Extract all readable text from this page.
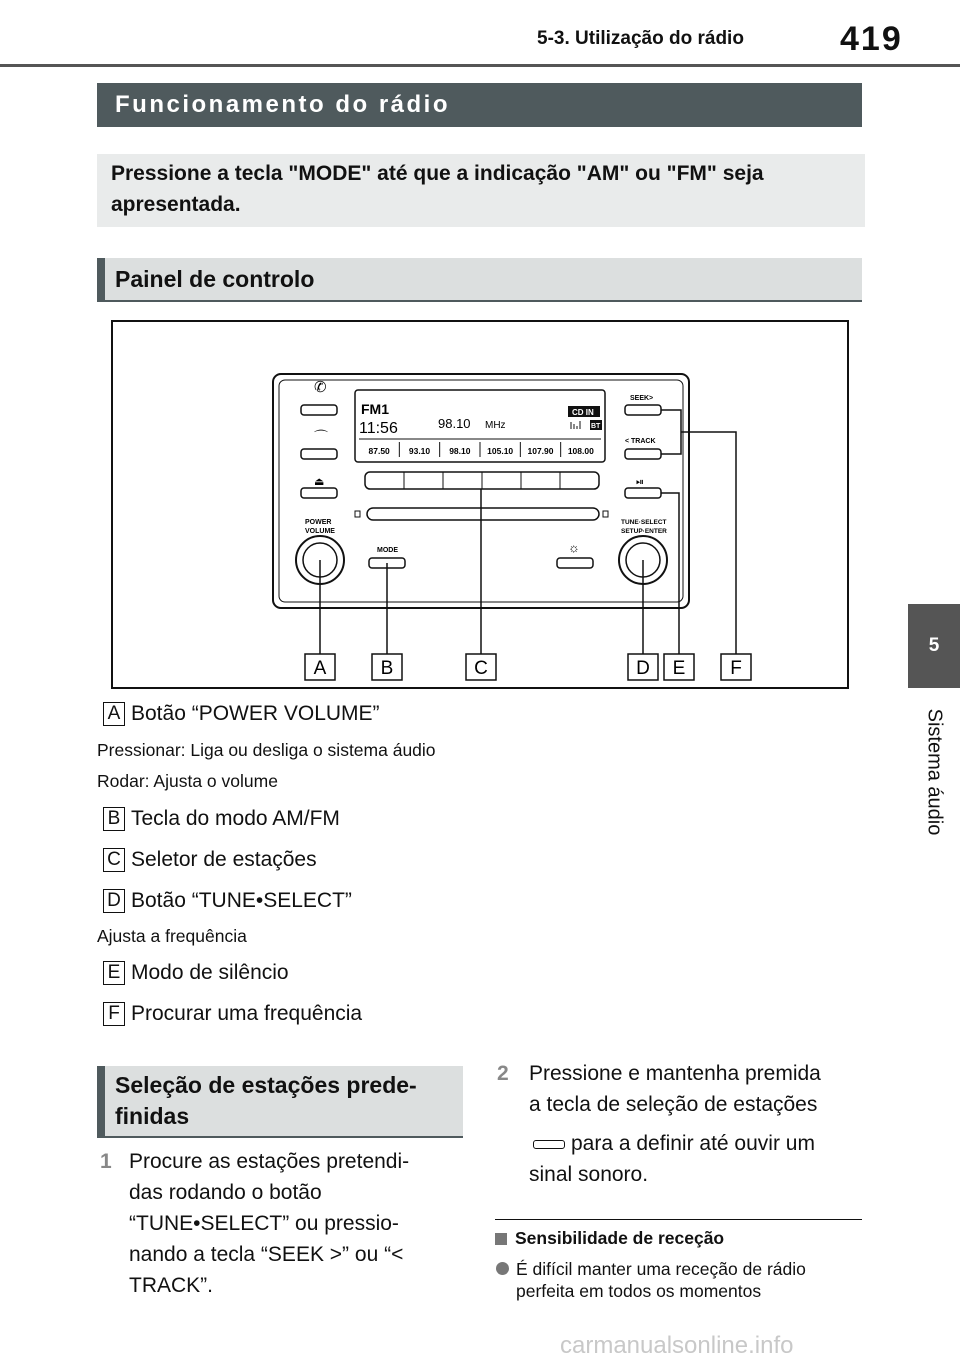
5-3. Utilização do rádio	419
5
Sistema áudio
Funcionamento do rádio
Pressione a tecla "MODE" até que a indicação "AM" ou "FM" seja
apresentada.
Painel de controlo
FM1
11:56	98.10 MHz
CD IN
BT
87.50 93.10 98.10 105.10 107.90 108.00
✆
⌒
⏏
POWER
VOLUME
MODE
SEEK>
< TRACK
⏯
☼
TUNE·SELECT
SETUP·ENTER
A	B	C	D E F
A Botão “POWER VOLUME”
Pressionar: Liga ou desliga o sistema áudio
Rodar: Ajusta o volume
B Tecla do modo AM/FM
C Seletor de estações
D Botão “TUNE•SELECT”
Ajusta a frequência
E Modo de silêncio
F Procurar uma frequência
Seleção de estações prede-
finidas
1 Procure as estações pretendi-
das rodando o botão
“TUNE•SELECT” ou pressio-
nando a tecla “SEEK >” ou “<
TRACK”.
2 Pressione e mantenha premida
a tecla de seleção de estações
para a definir até ouvir um
sinal sonoro.
Sensibilidade de receção
É difícil manter uma receção de rádio
perfeita em todos os momentos
carmanualsonline.info
